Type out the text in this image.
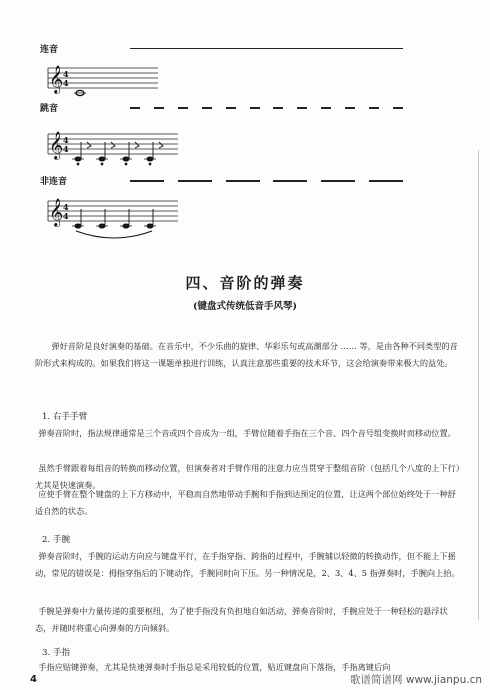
连音
𝄞 4
4
跳音
𝄞 4
4
非连音
𝄞 4
4
四、音阶的弹奏
(键盘式传统低音手风琴)

弹好音阶是良好演奏的基础。在音乐中，不少乐曲的旋律、华彩乐句或高潮部分 …… 等，是由各种不同类型的音阶形式来构成的。如果我们将这一课题单独进行训练，认真注意那些重要的技术环节，这会给演奏带来极大的益处。

1. 右手手臂

弹奏音阶时，指法规律通常是三个音或四个音成为一组，手臂位随着手指在三个音、四个音号组变换时而移动位置。

虽然手臂跟着每组音的转换而移动位置，但演奏者对手臂作用的注意力应当贯穿于整组音阶（包括几个八度的上下行）尤其是快速演奏。

应使手臂在整个键盘的上下方移动中，平稳而自然地带动手腕和手指到达预定的位置，让这两个部位始终处于一种舒适自然的状态。

2. 手腕

弹奏音阶时，手腕的运动方向应与键盘平行，在手指穿指、跨指的过程中，手腕辅以轻微的转换动作，但不能上下摇动，常见的错误是：拇指穿指后的下键动作，手腕同时向下压。另一种情况是，2、3、4、5 指弹奏时，手腕向上抬。

手腕是弹奏中力量传递的重要枢纽，为了使手指没有负担地自如活动，弹奏音阶时，手腕应处于一种轻松的悬浮状态，并随时将重心向弹奏的方向倾斜。

3. 手指

手指应贴键弹奏，尤其是快速弹奏时手指总是采用较低的位置，贴近键盘向下落指，手指离键后向

4	歌谱简谱网 www.jianpu.cn
